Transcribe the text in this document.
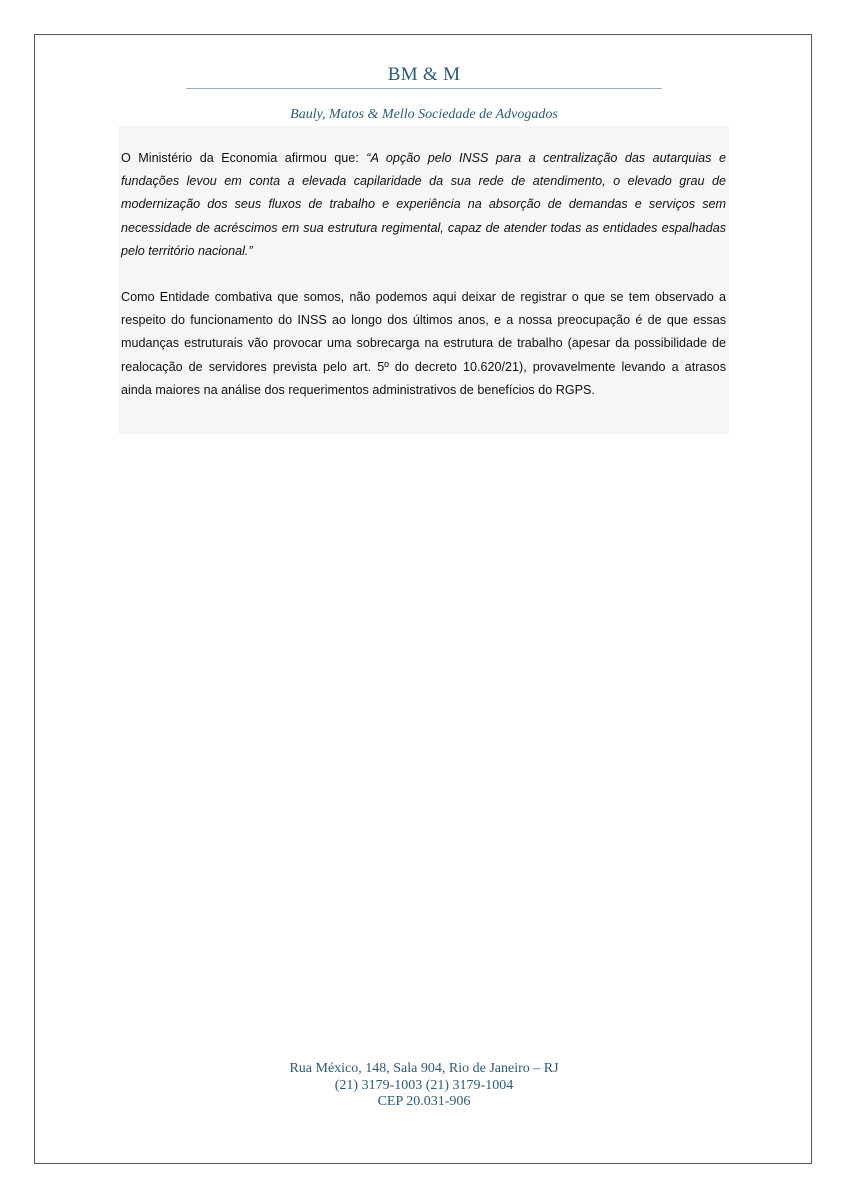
BM & M
Bauly, Matos & Mello Sociedade de Advogados

O Ministério da Economia afirmou que: “A opção pelo INSS para a centralização das autarquias e fundações levou em conta a elevada capilaridade da sua rede de atendimento, o elevado grau de modernização dos seus fluxos de trabalho e experiência na absorção de demandas e serviços sem necessidade de acréscimos em sua estrutura regimental, capaz de atender todas as entidades espalhadas pelo território nacional.”

Como Entidade combativa que somos, não podemos aqui deixar de registrar o que se tem observado a respeito do funcionamento do INSS ao longo dos últimos anos, e a nossa preocupação é de que essas mudanças estruturais vão provocar uma sobrecarga na estrutura de trabalho (apesar da possibilidade de realocação de servidores prevista pelo art. 5º do decreto 10.620/21), provavelmente levando a atrasos ainda maiores na análise dos requerimentos administrativos de benefícios do RGPS.

Rua México, 148, Sala 904, Rio de Janeiro – RJ
(21) 3179-1003 (21) 3179-1004
CEP 20.031-906
